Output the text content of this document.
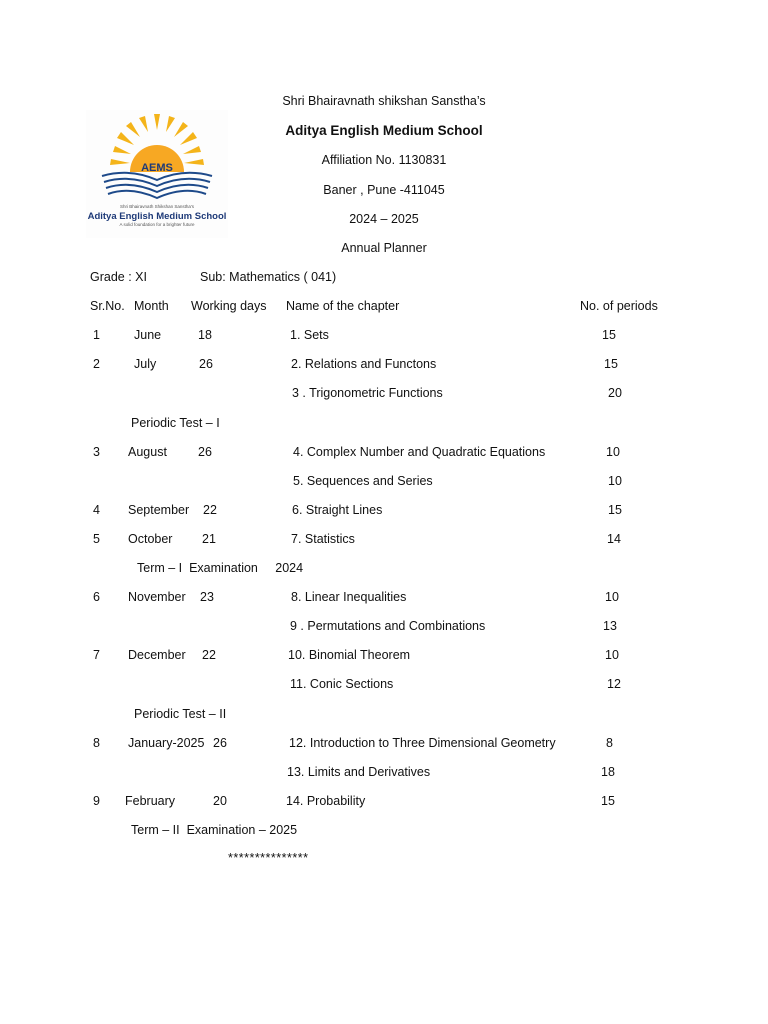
Shri Bhairavnath shikshan Sanstha’s
Aditya English Medium School
Affiliation No. 1130831
Baner , Pune -411045
2024 – 2025
Annual Planner
AEMS
Shri Bhairavnath Shikshan Sanstha's
Aditya English Medium School
A solid foundation for a brighter future
Grade : XI	Sub: Mathematics ( 041)
Sr.No. Month Working days Name of the chapter	No. of periods
1	June	18	1. Sets	15
2	July	26	2. Relations and Functons	15
3 . Trigonometric Functions	20
Periodic Test – I
3 August 26	4. Complex Number and Quadratic Equations	10
5. Sequences and Series	10
4 September 22	6. Straight Lines	15
5 October 21	7. Statistics	14
Term – I  Examination     2024
6 November 23	8. Linear Inequalities	10
9 . Permutations and Combinations	13
7 December 22	10. Binomial Theorem	10
11. Conic Sections	12
Periodic Test – II
8 January-2025 26	12. Introduction to Three Dimensional Geometry	8
13. Limits and Derivatives	18
9 February	20	14. Probability	15
Term – II  Examination – 2025
***************
